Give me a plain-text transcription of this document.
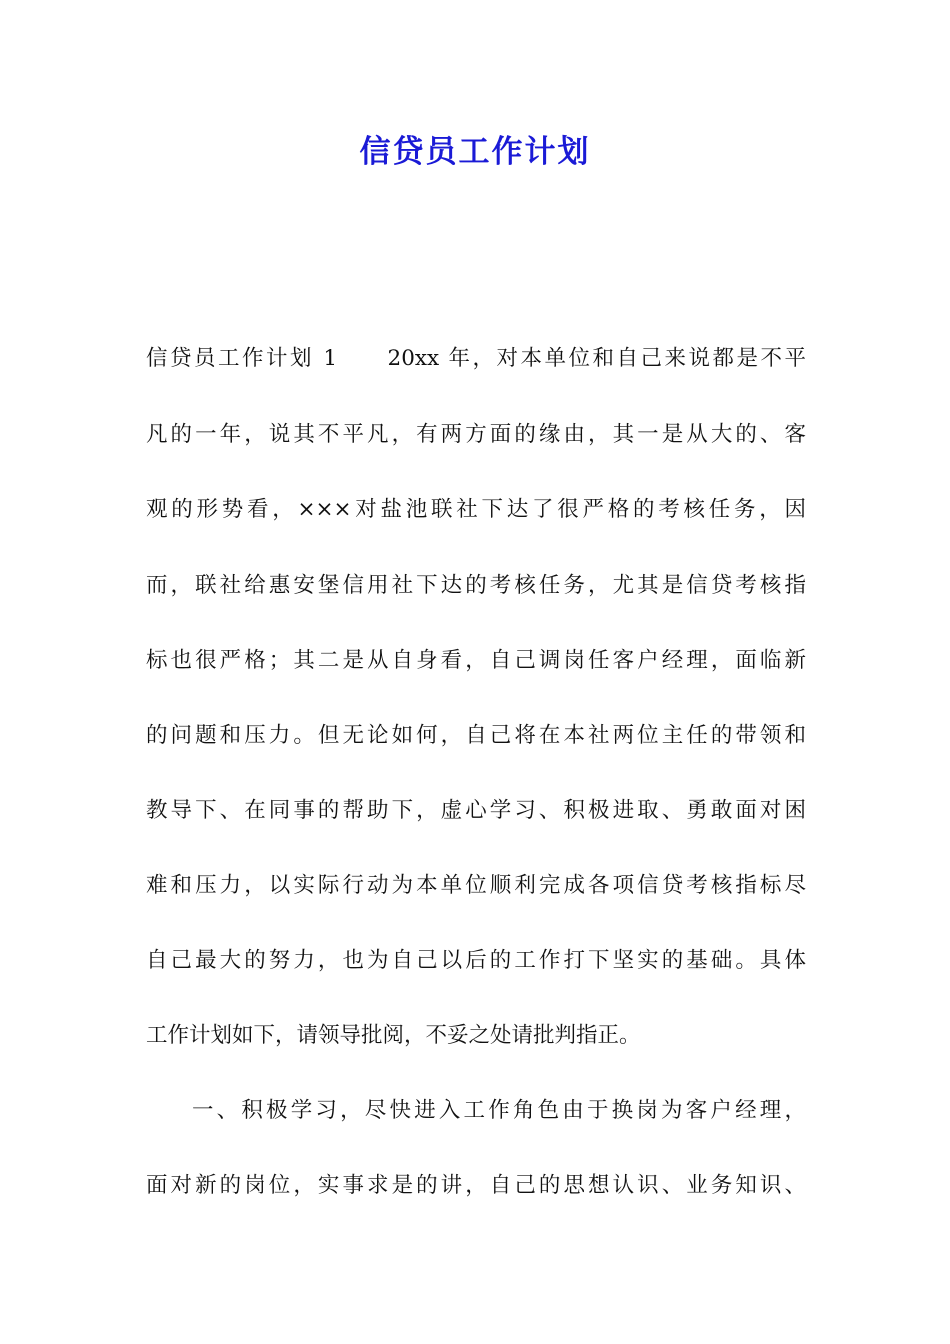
信贷员工作计划
信贷员工作计划 1　　20xx 年，对本单位和自己来说都是不平
凡的一年，说其不平凡，有两方面的缘由，其一是从大的、客
观的形势看，×××对盐池联社下达了很严格的考核任务，因
而，联社给惠安堡信用社下达的考核任务，尤其是信贷考核指
标也很严格；其二是从自身看，自己调岗任客户经理，面临新
的问题和压力。但无论如何，自己将在本社两位主任的带领和
教导下、在同事的帮助下，虚心学习、积极进取、勇敢面对困
难和压力，以实际行动为本单位顺利完成各项信贷考核指标尽
自己最大的努力，也为自己以后的工作打下坚实的基础。具体
工作计划如下，请领导批阅，不妥之处请批判指正。
一、积极学习，尽快进入工作角色由于换岗为客户经理，
面对新的岗位，实事求是的讲，自己的思想认识、业务知识、
